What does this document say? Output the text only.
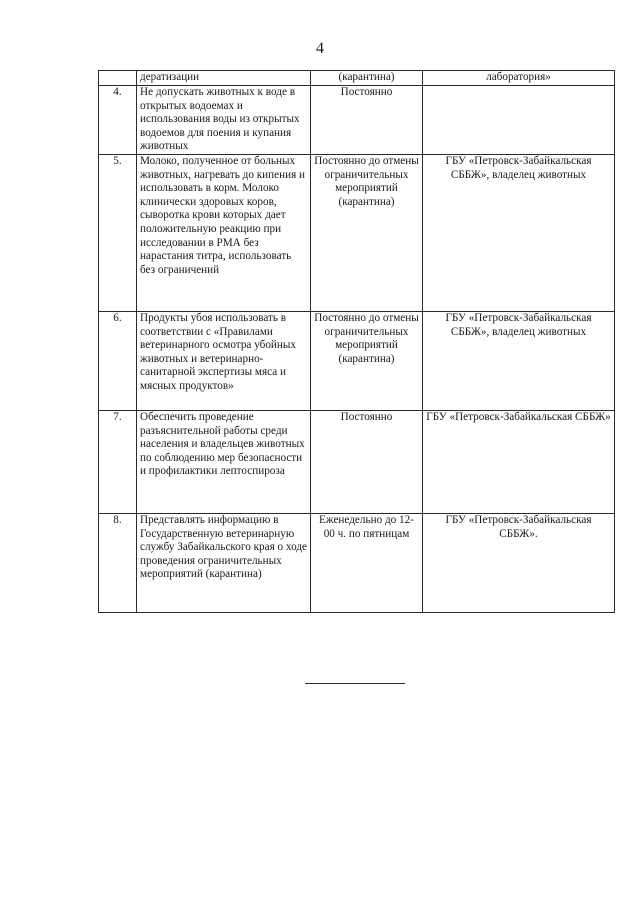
4
	дератизации	(карантина)	лаборатория»
4.	Не допускать животных к воде в открытых водоемах и использования воды из открытых водоемов для поения и купания животных	Постоянно	
5.	Молоко, полученное от больных животных, нагревать до кипения и использовать в корм. Молоко клинически здоровых коров, сыворотка крови которых дает положительную реакцию при исследовании в РМА без нарастания титра, использовать без ограничений	Постоянно до отмены ограничительных мероприятий (карантина)	ГБУ «Петровск-Забайкальская СББЖ», владелец животных
6.	Продукты убоя использовать в соответствии с «Правилами ветеринарного осмотра убойных животных и ветеринарно-санитарной экспертизы мяса и мясных продуктов»	Постоянно до отмены ограничительных мероприятий (карантина)	ГБУ «Петровск-Забайкальская СББЖ», владелец животных
7.	Обеспечить проведение разъяснительной работы среди населения и владельцев животных по соблюдению мер безопасности и профилактики лептоспироза	Постоянно	ГБУ «Петровск-Забайкальская СББЖ»
8.	Представлять информацию в Государственную ветеринарную службу Забайкальского края о ходе проведения ограничительных мероприятий (карантина)	Еженедельно до 12-00 ч. по пятницам	ГБУ «Петровск-Забайкальская СББЖ».
